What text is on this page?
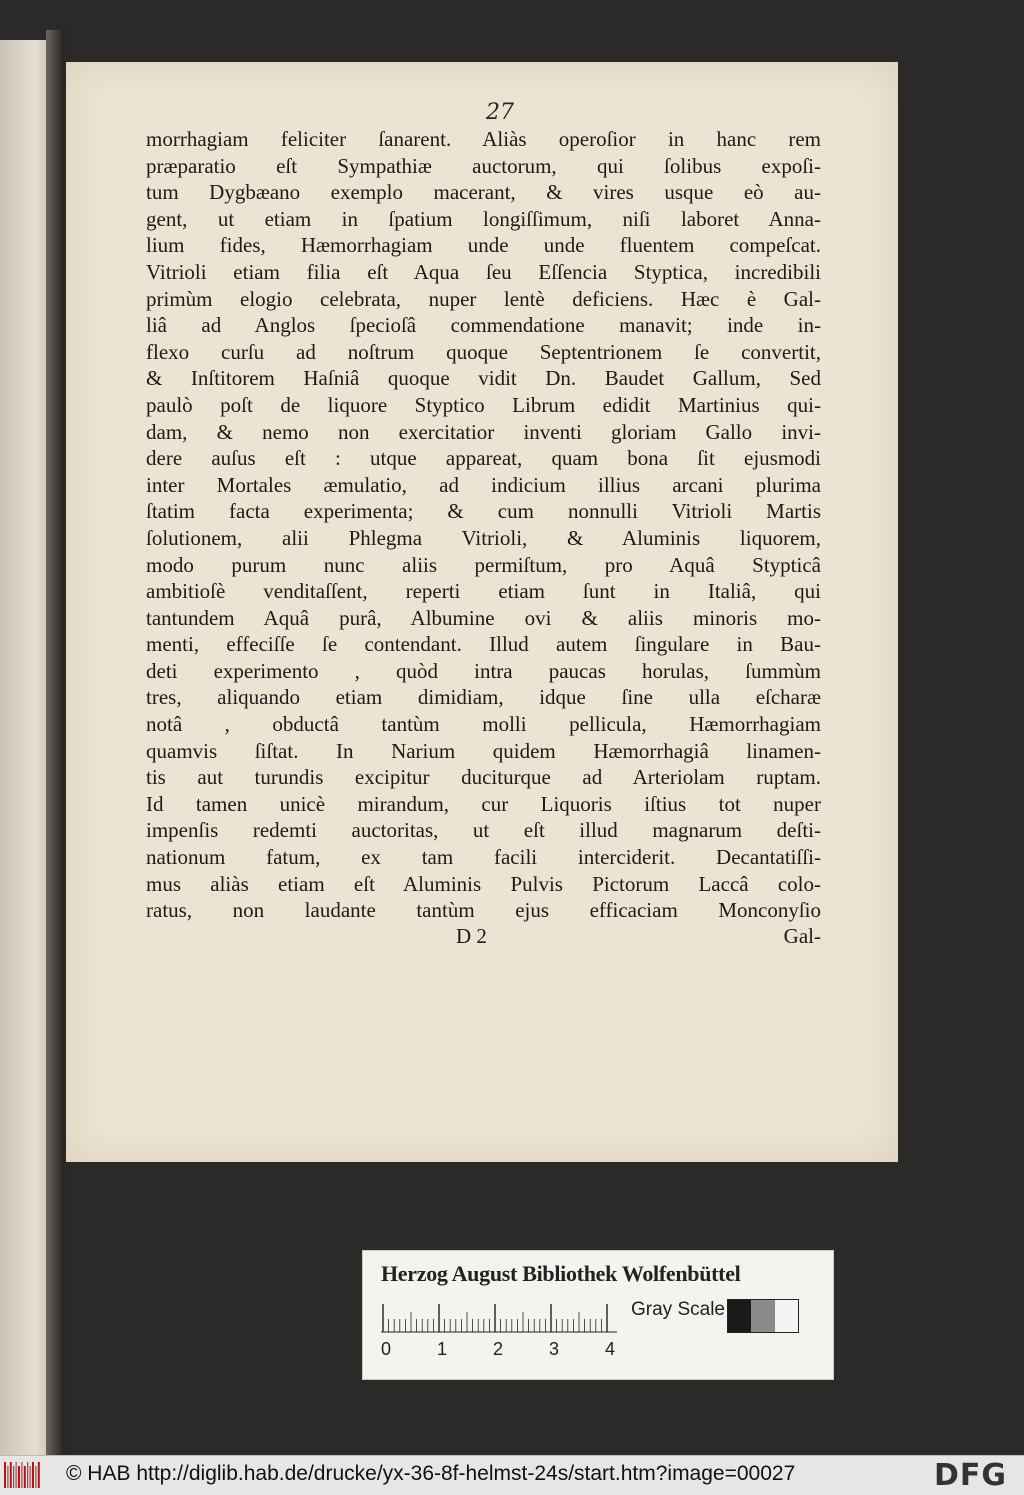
27
morrhagiam feliciter ſanarent. Aliàs operoſior in hanc rem
præparatio eſt Sympathiæ auctorum, qui ſolibus expoſi-
tum Dygbæano exemplo macerant, & vires usque eò au-
gent, ut etiam in ſpatium longiſſimum, niſi laboret Anna-
lium fides, Hæmorrhagiam unde unde fluentem compeſcat.
Vitrioli etiam filia eſt Aqua ſeu Eſſencia Styptica, incredibili
primùm elogio celebrata, nuper lentè deficiens. Hæc è Gal-
liâ ad Anglos ſpecioſâ commendatione manavit; inde in-
flexo curſu ad noſtrum quoque Septentrionem ſe convertit,
& Inſtitorem Haſniâ quoque vidit Dn. Baudet Gallum, Sed
paulò poſt de liquore Styptico Librum edidit Martinius qui-
dam, & nemo non exercitatior inventi gloriam Gallo invi-
dere auſus eſt : utque appareat, quam bona ſit ejusmodi
inter Mortales æmulatio, ad indicium illius arcani plurima
ſtatim facta experimenta; & cum nonnulli Vitrioli Martis
ſolutionem, alii Phlegma Vitrioli, & Aluminis liquorem,
modo purum nunc aliis permiſtum, pro Aquâ Stypticâ
ambitioſè venditaſſent, reperti etiam ſunt in Italiâ, qui
tantundem Aquâ purâ, Albumine ovi & aliis minoris mo-
menti, effeciſſe ſe contendant. Illud autem ſingulare in Bau-
deti experimento , quòd intra paucas horulas, ſummùm
tres, aliquando etiam dimidiam, idque ſine ulla eſcharæ
notâ , obductâ tantùm molli pellicula, Hæmorrhagiam
quamvis ſiſtat. In Narium quidem Hæmorrhagiâ linamen-
tis aut turundis excipitur duciturque ad Arteriolam ruptam.
Id tamen unicè mirandum, cur Liquoris iſtius tot nuper
impenſis redemti auctoritas, ut eſt illud magnarum deſti-
nationum fatum, ex tam facili interciderit. Decantatiſſi-
mus aliàs etiam eſt Aluminis Pulvis Pictorum Laccâ colo-
ratus, non laudante tantùm ejus efficaciam Monconyſio
D 2	Gal-
Herzog August Bibliothek Wolfenbüttel
0	1	2	3	4
Gray Scale
© HAB http://diglib.hab.de/drucke/yx-36-8f-helmst-24s/start.htm?image=00027	DFG
